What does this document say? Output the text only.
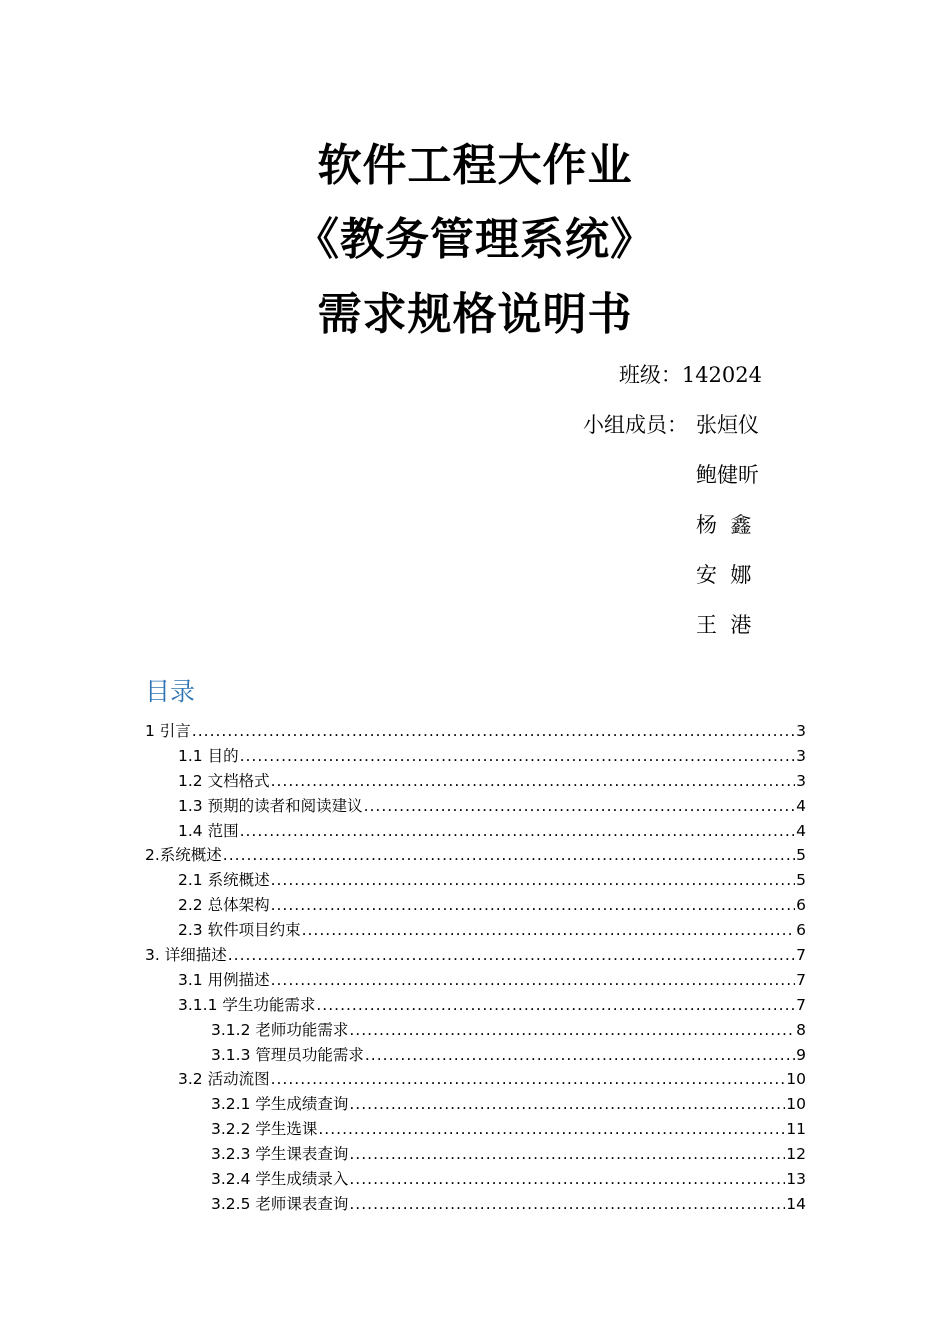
软件工程大作业
《教务管理系统》
需求规格说明书
班级：142024
小组成员： 张烜仪
鲍健昕
杨  鑫
安  娜
王  港
目录
1 引言 .....	3
1.1 目的 .....	3
1.2 文档格式 .....	3
1.3 预期的读者和阅读建议 .....	4
1.4 范围 .....	4
2.系统概述 .....	5
2.1 系统概述 .....	5
2.2 总体架构 .....	6
2.3 软件项目约束 .....	6
3. 详细描述 .....	7
3.1 用例描述 .....	7
3.1.1 学生功能需求 .....	7
3.1.2 老师功能需求 .....	8
3.1.3 管理员功能需求 .....	9
3.2 活动流图 .....	10
3.2.1 学生成绩查询 .....	10
3.2.2 学生选课 .....	11
3.2.3 学生课表查询 .....	12
3.2.4 学生成绩录入 .....	13
3.2.5 老师课表查询 .....	14
